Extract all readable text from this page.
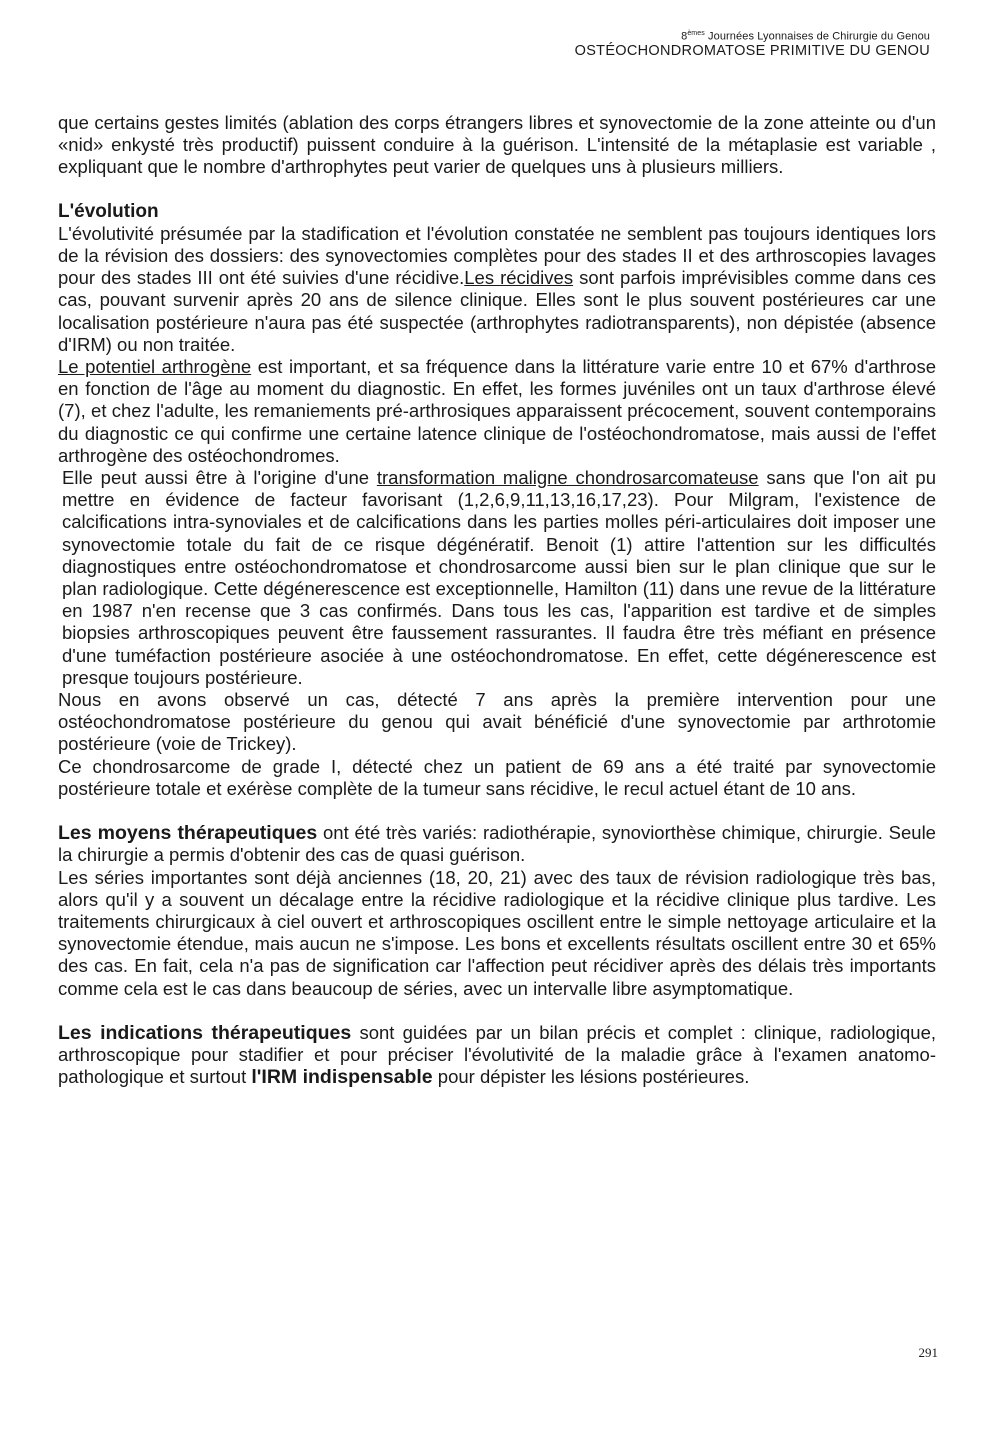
8èmes Journées Lyonnaises de Chirurgie du Genou
OSTÉOCHONDROMATOSE PRIMITIVE DU GENOU

que certains gestes limités (ablation des corps étrangers libres et synovectomie de la zone atteinte ou d'un «nid» enkysté très productif) puissent conduire à la guérison. L'intensité de la métaplasie est variable , expliquant que le nombre d'arthrophytes peut varier de quelques uns à plusieurs milliers.

L'évolution

L'évolutivité présumée par la stadification et l'évolution constatée ne semblent pas toujours identiques lors de la révision des dossiers: des synovectomies complètes pour des stades II et des arthroscopies lavages pour des stades III ont été suivies d'une récidive.Les récidives sont parfois imprévisibles comme dans ces cas, pouvant survenir après 20 ans de silence clinique. Elles sont le plus souvent postérieures car une localisation postérieure n'aura pas été suspectée (arthrophytes radiotransparents), non dépistée (absence d'IRM) ou non traitée.

Le potentiel arthrogène est important, et sa fréquence dans la littérature varie entre 10 et 67% d'arthrose en fonction de l'âge au moment du diagnostic. En effet, les formes juvéniles ont un taux d'arthrose élevé (7), et chez l'adulte, les remaniements pré-arthrosiques apparaissent précocement, souvent contemporains du diagnostic ce qui confirme une certaine latence clinique de l'ostéochondromatose, mais aussi de l'effet arthrogène des ostéochondromes.

Elle peut aussi être à l'origine d'une transformation maligne chondrosarcomateuse sans que l'on ait pu mettre en évidence de facteur favorisant (1,2,6,9,11,13,16,17,23). Pour Milgram, l'existence de calcifications intra-synoviales et de calcifications dans les parties molles péri-articulaires doit imposer une synovectomie totale du fait de ce risque dégénératif. Benoit (1) attire l'attention sur les difficultés diagnostiques entre ostéochondromatose et chondrosarcome aussi bien sur le plan clinique que sur le plan radiologique. Cette dégénerescence est exceptionnelle, Hamilton (11) dans une revue de la littérature en 1987 n'en recense que 3 cas confirmés. Dans tous les cas, l'apparition est tardive et de simples biopsies arthroscopiques peuvent être faussement rassurantes. Il faudra être très méfiant en présence d'une tuméfaction postérieure asociée à une ostéochondromatose. En effet, cette dégénerescence est presque toujours postérieure.

Nous en avons observé un cas, détecté 7 ans après la première intervention pour une ostéochondromatose postérieure du genou qui avait bénéficié d'une synovectomie par arthrotomie postérieure (voie de Trickey).

Ce chondrosarcome de grade I, détecté chez un patient de 69 ans a été traité par synovectomie postérieure totale et exérèse complète de la tumeur sans récidive, le recul actuel étant de 10 ans.

Les moyens thérapeutiques ont été très variés: radiothérapie, synoviorthèse chimique, chirurgie. Seule la chirurgie a permis d'obtenir des cas de quasi guérison.

Les séries importantes sont déjà anciennes (18, 20, 21) avec des taux de révision radiologique très bas, alors qu'il y a souvent un décalage entre la récidive radiologique et la récidive clinique plus tardive. Les traitements chirurgicaux à ciel ouvert et arthroscopiques oscillent entre le simple nettoyage articulaire et la synovectomie étendue, mais aucun ne s'impose. Les bons et excellents résultats oscillent entre 30 et 65% des cas. En fait, cela n'a pas de signification car l'affection peut récidiver après des délais très importants comme cela est le cas dans beaucoup de séries, avec un intervalle libre asymptomatique.

Les indications thérapeutiques sont guidées par un bilan précis et complet : clinique, radiologique, arthroscopique pour stadifier et pour préciser l'évolutivité de la maladie grâce à l'examen anatomo-pathologique et surtout l'IRM indispensable pour dépister les lésions postérieures.

291
